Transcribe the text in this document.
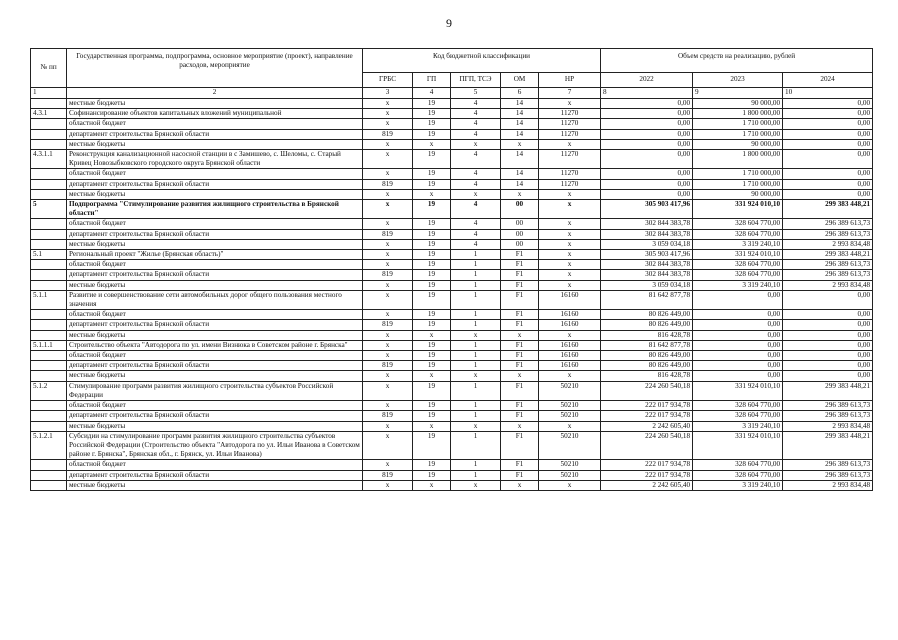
9
№ пп	Государственная программа, подпрограмма, основное мероприятие (проект), направление расходов, мероприятие	Код бюджетной классификации					Объем средств на реализацию, рублей		
		ГРБС	ГП	ПГП, ТСЭ	ОМ	НР	2022	2023	2024
1	2	3	4	5	6	7	8	9	10
	местные бюджеты	x	19	4	14	x	0,00	90 000,00	0,00
4.3.1	Софинансирование объектов капитальных вложений муниципальной	x	19	4	14	11270	0,00	1 800 000,00	0,00
	областной бюджет	x	19	4	14	11270	0,00	1 710 000,00	0,00
	департамент строительства Брянской области	819	19	4	14	11270	0,00	1 710 000,00	0,00
	местные бюджеты	x	x	x	x	x	0,00	90 000,00	0,00
4.3.1.1	Реконструкция канализационной насосной станции в с Замишево, с. Шеломы, с. Старый Кривец Новозыбковского городского округа Брянской области	x	19	4	14	11270	0,00	1 800 000,00	0,00
	областной бюджет	x	19	4	14	11270	0,00	1 710 000,00	0,00
	департамент строительства Брянской области	819	19	4	14	11270	0,00	1 710 000,00	0,00
	местные бюджеты	x	x	x	x	x	0,00	90 000,00	0,00
5	Подпрограмма "Стимулирование развития жилищного строительства в Брянской области"	x	19	4	00	x	305 903 417,96	331 924 010,10	299 383 448,21
	областной бюджет	x	19	4	00	x	302 844 383,78	328 604 770,00	296 389 613,73
	департамент строительства Брянской области	819	19	4	00	x	302 844 383,78	328 604 770,00	296 389 613,73
	местные бюджеты	x	19	4	00	x	3 059 034,18	3 319 240,10	2 993 834,48
5.1	Региональный проект "Жилье (Брянская область)"	x	19	1	F1	x	305 903 417,96	331 924 010,10	299 383 448,21
	областной бюджет	x	19	1	F1	x	302 844 383,78	328 604 770,00	296 389 613,73
	департамент строительства Брянской области	819	19	1	F1	x	302 844 383,78	328 604 770,00	296 389 613,73
	местные бюджеты	x	19	1	F1	x	3 059 034,18	3 319 240,10	2 993 834,48
5.1.1	Развитие и совершенствование сети автомобильных дорог общего пользования местного значения	x	19	1	F1	16160	81 642 877,78	0,00	0,00
	областной бюджет	x	19	1	F1	16160	80 826 449,00	0,00	0,00
	департамент строительства Брянской области	819	19	1	F1	16160	80 826 449,00	0,00	0,00
	местные бюджеты	x	x	x	x	x	816 428,78	0,00	0,00
5.1.1.1	Строительство объекта "Автодорога по ул. имени Визнюка в Советском районе г. Брянска"	x	19	1	F1	16160	81 642 877,78	0,00	0,00
	областной бюджет	x	19	1	F1	16160	80 826 449,00	0,00	0,00
	департамент строительства Брянской области	819	19	1	F1	16160	80 826 449,00	0,00	0,00
	местные бюджеты	x	x	x	x	x	816 428,78	0,00	0,00
5.1.2	Стимулирование программ развития жилищного строительства субъектов Российской Федерации	x	19	1	F1	50210	224 260 540,18	331 924 010,10	299 383 448,21
	областной бюджет	x	19	1	F1	50210	222 017 934,78	328 604 770,00	296 389 613,73
	департамент строительства Брянской области	819	19	1	F1	50210	222 017 934,78	328 604 770,00	296 389 613,73
	местные бюджеты	x	x	x	x	x	2 242 605,40	3 319 240,10	2 993 834,48
5.1.2.1	Субсидии на стимулирование программ развития жилищного строительства субъектов Российской Федерации (Строительство объекта "Автодорога по ул. Ильи Иванова в Советском районе г. Брянска", Брянская обл., г. Брянск, ул. Ильи Иванова)	x	19	1	F1	50210	224 260 540,18	331 924 010,10	299 383 448,21
	областной бюджет	x	19	1	F1	50210	222 017 934,78	328 604 770,00	296 389 613,73
	департамент строительства Брянской области	819	19	1	F1	50210	222 017 934,78	328 604 770,00	296 389 613,73
	местные бюджеты	x	x	x	x	x	2 242 605,40	3 319 240,10	2 993 834,48
